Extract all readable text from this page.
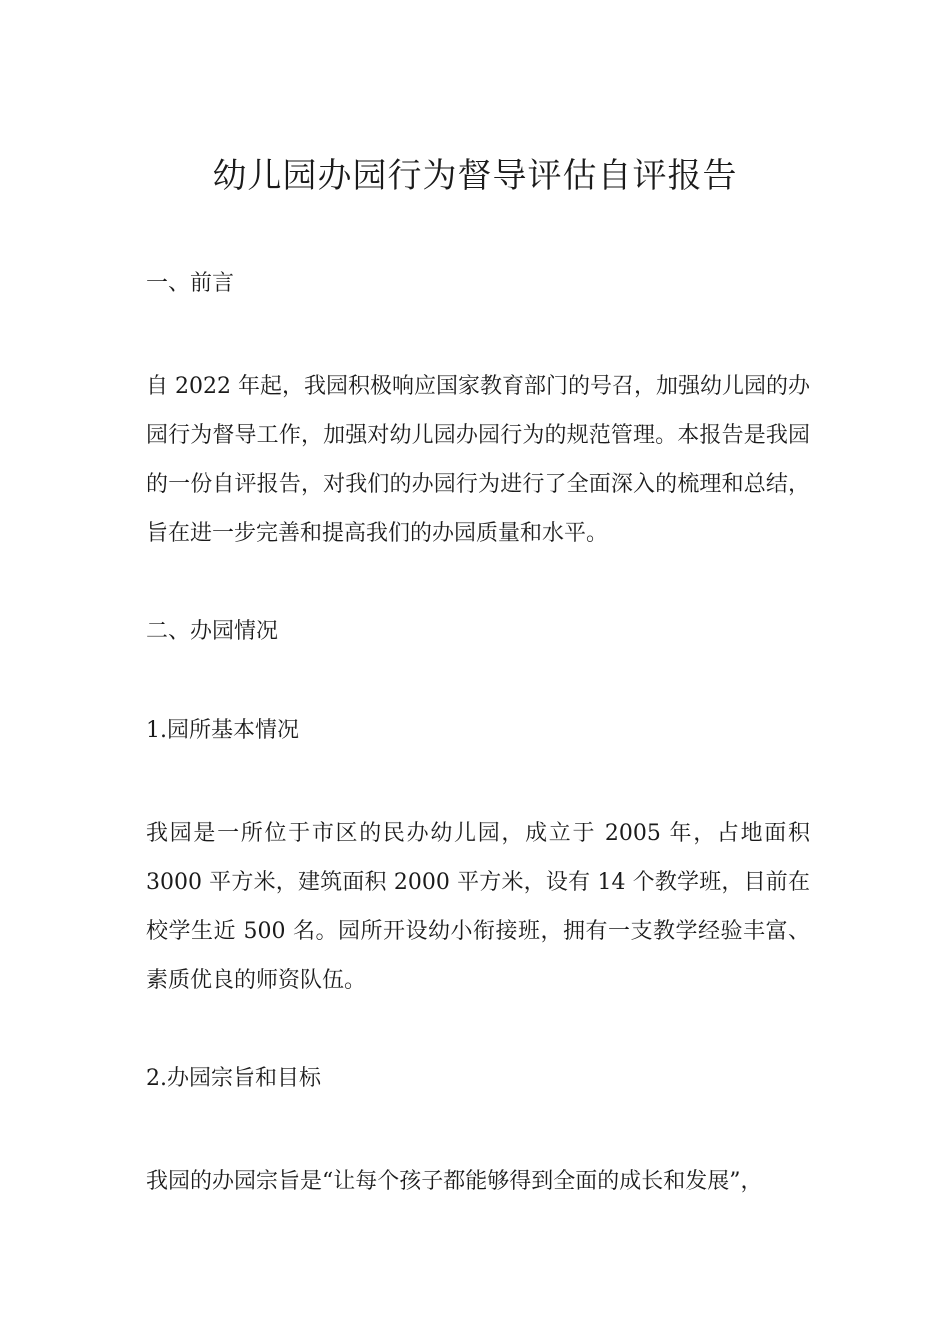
幼儿园办园行为督导评估自评报告
一、前言
自 2022 年起，我园积极响应国家教育部门的号召，加强幼儿园的办园行为督导工作，加强对幼儿园办园行为的规范管理。本报告是我园的一份自评报告，对我们的办园行为进行了全面深入的梳理和总结，旨在进一步完善和提高我们的办园质量和水平。
二、办园情况
1.园所基本情况
我园是一所位于市区的民办幼儿园，成立于 2005 年，占地面积 3000 平方米，建筑面积 2000 平方米，设有 14 个教学班，目前在校学生近 500 名。园所开设幼小衔接班，拥有一支教学经验丰富、素质优良的师资队伍。
2.办园宗旨和目标
我园的办园宗旨是“让每个孩子都能够得到全面的成长和发展”，
